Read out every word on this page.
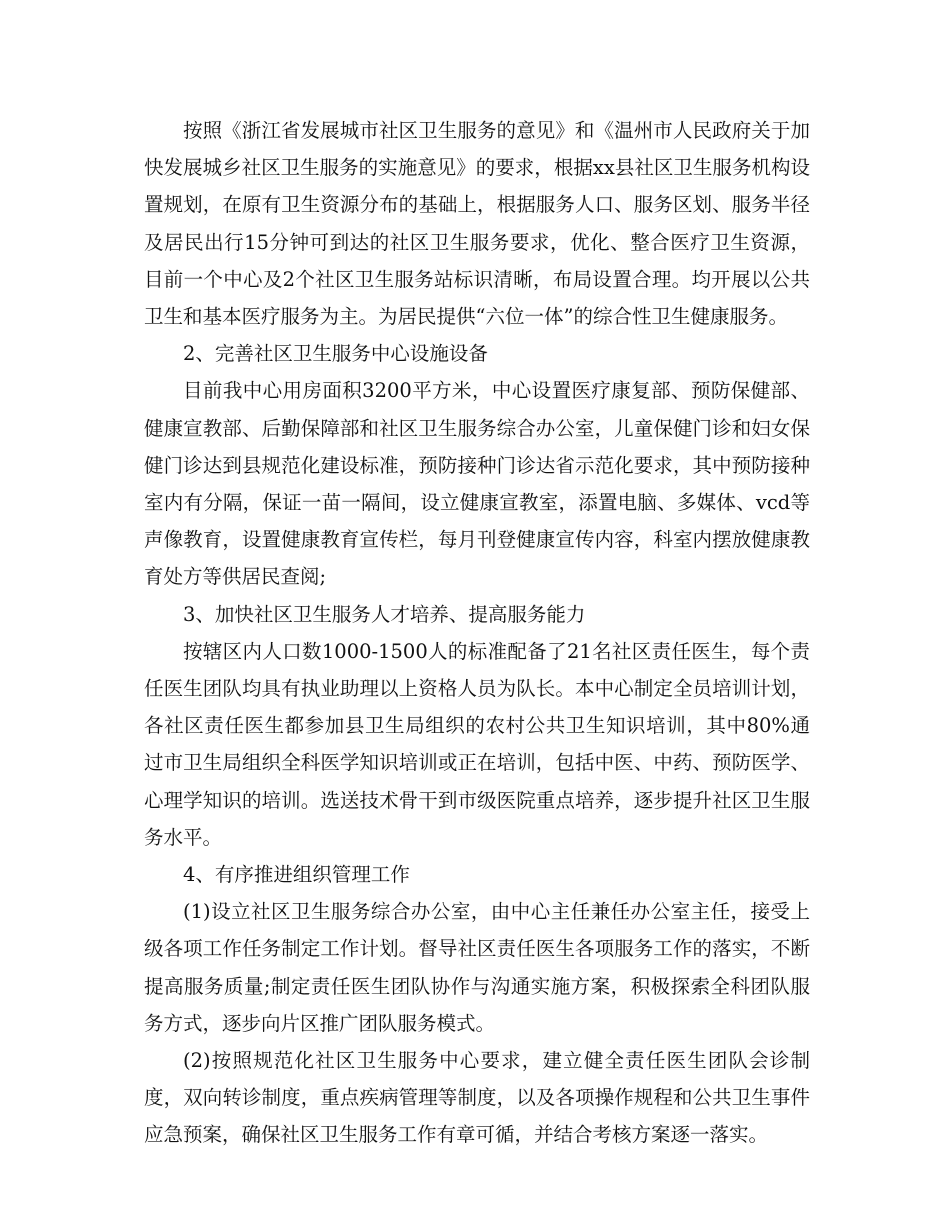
按照《浙江省发展城市社区卫生服务的意见》和《温州市人民政府关于加快发展城乡社区卫生服务的实施意见》的要求，根据xx县社区卫生服务机构设置规划，在原有卫生资源分布的基础上，根据服务人口、服务区划、服务半径及居民出行15分钟可到达的社区卫生服务要求，优化、整合医疗卫生资源，目前一个中心及2个社区卫生服务站标识清晰，布局设置合理。均开展以公共卫生和基本医疗服务为主。为居民提供“六位一体”的综合性卫生健康服务。

2、完善社区卫生服务中心设施设备

目前我中心用房面积3200平方米，中心设置医疗康复部、预防保健部、健康宣教部、后勤保障部和社区卫生服务综合办公室，儿童保健门诊和妇女保健门诊达到县规范化建设标准，预防接种门诊达省示范化要求，其中预防接种室内有分隔，保证一苗一隔间，设立健康宣教室，添置电脑、多媒体、vcd等声像教育，设置健康教育宣传栏，每月刊登健康宣传内容，科室内摆放健康教育处方等供居民查阅;

3、加快社区卫生服务人才培养、提高服务能力

按辖区内人口数1000-1500人的标准配备了21名社区责任医生，每个责任医生团队均具有执业助理以上资格人员为队长。本中心制定全员培训计划，各社区责任医生都参加县卫生局组织的农村公共卫生知识培训，其中80%通过市卫生局组织全科医学知识培训或正在培训，包括中医、中药、预防医学、心理学知识的培训。选送技术骨干到市级医院重点培养，逐步提升社区卫生服务水平。

4、有序推进组织管理工作

(1)设立社区卫生服务综合办公室，由中心主任兼任办公室主任，接受上级各项工作任务制定工作计划。督导社区责任医生各项服务工作的落实，不断提高服务质量;制定责任医生团队协作与沟通实施方案，积极探索全科团队服务方式，逐步向片区推广团队服务模式。

(2)按照规范化社区卫生服务中心要求，建立健全责任医生团队会诊制度，双向转诊制度，重点疾病管理等制度，以及各项操作规程和公共卫生事件应急预案，确保社区卫生服务工作有章可循，并结合考核方案逐一落实。
